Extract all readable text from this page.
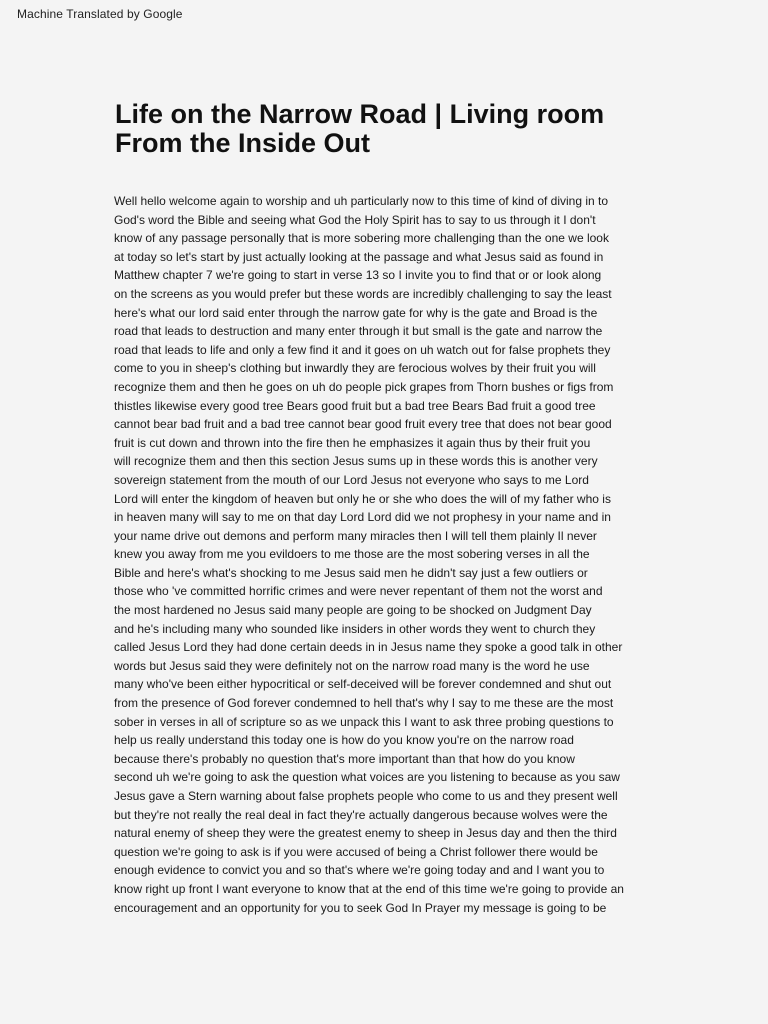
Machine Translated by Google
Life on the Narrow Road | Living room
From the Inside Out
Well hello welcome again to worship and uh particularly now to this time of kind of diving in to
God's word the Bible and seeing what God the Holy Spirit has to say to us through it I don't
know of any passage personally that is more sobering more challenging than the one we look
at today so let's start by just actually looking at the passage and what Jesus said as found in
Matthew chapter 7 we're going to start in verse 13 so I invite you to find that or or look along
on the screens as you would prefer but these words are incredibly challenging to say the least
here's what our lord said enter through the narrow gate for why is the gate and Broad is the
road that leads to destruction and many enter through it but small is the gate and narrow the
road that leads to life and only a few find it and it goes on uh watch out for false prophets they
come to you in sheep's clothing but inwardly they are ferocious wolves by their fruit you will
recognize them and then he goes on uh do people pick grapes from Thorn bushes or figs from
thistles likewise every good tree Bears good fruit but a bad tree Bears Bad fruit a good tree
cannot bear bad fruit and a bad tree cannot bear good fruit every tree that does not bear good
fruit is cut down and thrown into the fire then he emphasizes it again thus by their fruit you
will recognize them and then this section Jesus sums up in these words this is another very
sovereign statement from the mouth of our Lord Jesus not everyone who says to me Lord
Lord will enter the kingdom of heaven but only he or she who does the will of my father who is
in heaven many will say to me on that day Lord Lord did we not prophesy in your name and in
your name drive out demons and perform many miracles then I will tell them plainly Il never
knew you away from me you evildoers to me those are the most sobering verses in all the
Bible and here's what's shocking to me Jesus said men he didn't say just a few outliers or
those who 've committed horrific crimes and were never repentant of them not the worst and
the most hardened no Jesus said many people are going to be shocked on Judgment Day
and he's including many who sounded like insiders in other words they went to church they
called Jesus Lord they had done certain deeds in in Jesus name they spoke a good talk in other
words but Jesus said they were definitely not on the narrow road many is the word he use
many who've been either hypocritical or self-deceived will be forever condemned and shut out
from the presence of God forever condemned to hell that's why I say to me these are the most
sober in verses in all of scripture so as we unpack this I want to ask three probing questions to
help us really understand this today one is how do you know you're on the narrow road
because there's probably no question that's more important than that how do you know
second uh we're going to ask the question what voices are you listening to because as you saw
Jesus gave a Stern warning about false prophets people who come to us and they present well
but they're not really the real deal in fact they're actually dangerous because wolves were the
natural enemy of sheep they were the greatest enemy to sheep in Jesus day and then the third
question we're going to ask is if you were accused of being a Christ follower there would be
enough evidence to convict you and so that's where we're going today and and I want you to
know right up front I want everyone to know that at the end of this time we're going to provide an
encouragement and an opportunity for you to seek God In Prayer my message is going to be
